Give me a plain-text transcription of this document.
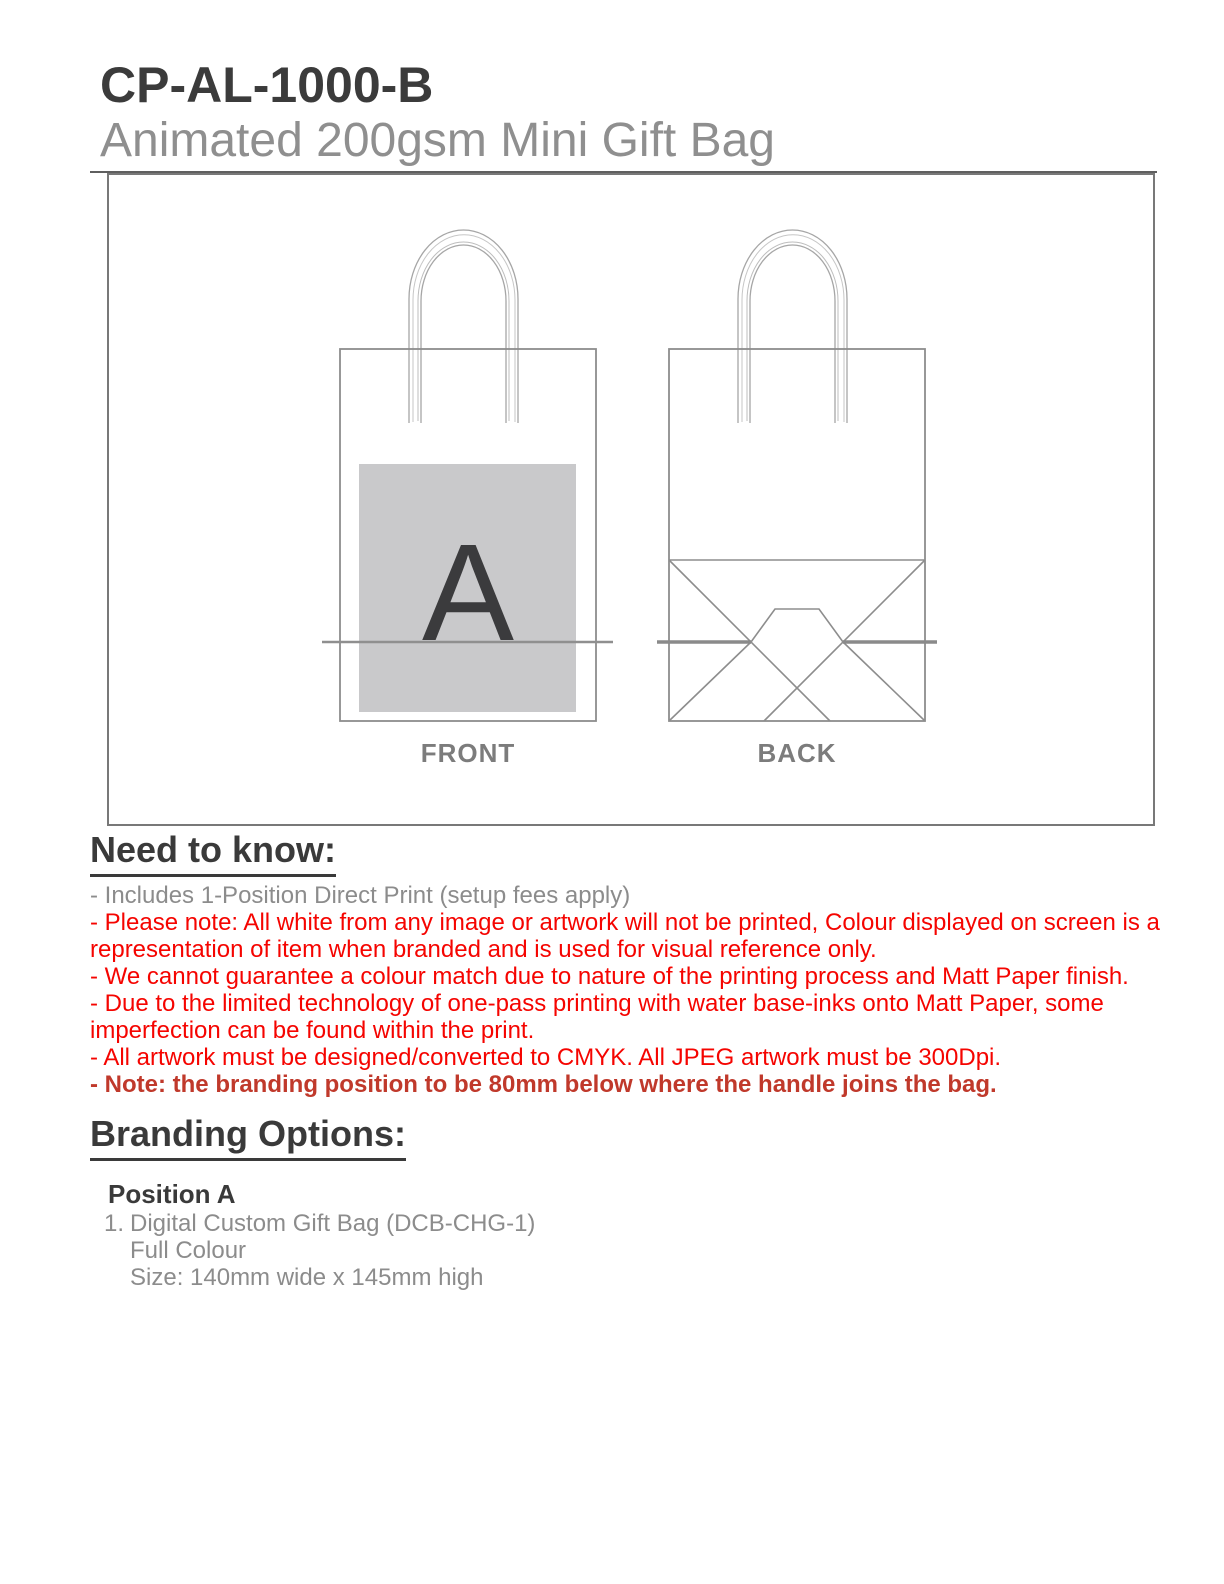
CP-AL-1000-B
Animated 200gsm Mini Gift Bag
A
FRONT	BACK
Need to know:
- Includes 1-Position Direct Print (setup fees apply)
- Please note: All white from any image or artwork will not be printed, Colour displayed on screen is a
representation of item when branded and is used for visual reference only.
- We cannot guarantee a colour match due to nature of the printing process and Matt Paper finish.
- Due to the limited technology of one-pass printing with water base-inks onto Matt Paper, some
imperfection can be found within the print.
- All artwork must be designed/converted to CMYK. All JPEG artwork must be 300Dpi.
- Note: the branding position to be 80mm below where the handle joins the bag.
Branding Options:
Position A
1. Digital Custom Gift Bag (DCB-CHG-1)
Full Colour
Size: 140mm wide x 145mm high
